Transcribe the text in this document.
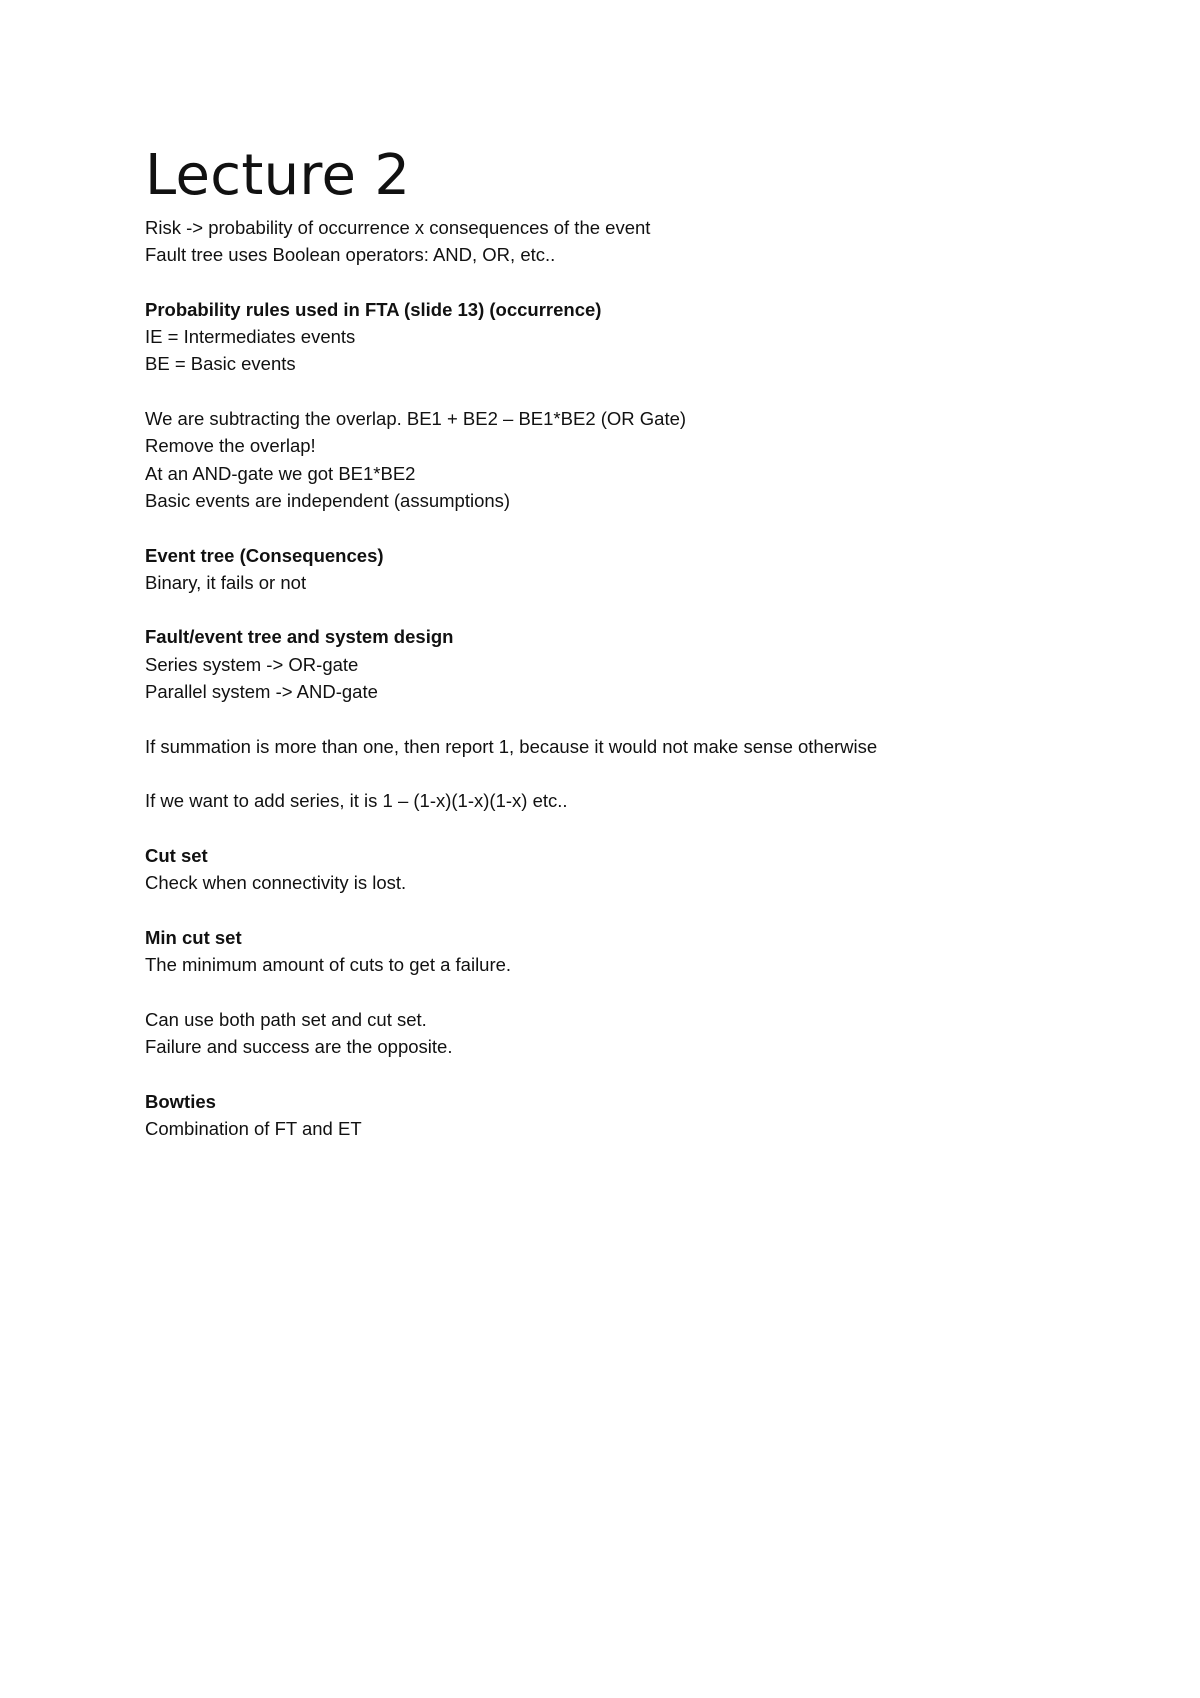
Lecture 2
Risk -> probability of occurrence x consequences of the event
Fault tree uses Boolean operators: AND, OR, etc..
Probability rules used in FTA (slide 13) (occurrence)
IE = Intermediates events
BE = Basic events
We are subtracting the overlap. BE1 + BE2 – BE1*BE2 (OR Gate)
Remove the overlap!
At an AND-gate we got BE1*BE2
Basic events are independent (assumptions)
Event tree (Consequences)
Binary, it fails or not
Fault/event tree and system design
Series system -> OR-gate
Parallel system -> AND-gate
If summation is more than one, then report 1, because it would not make sense otherwise
If we want to add series, it is 1 – (1-x)(1-x)(1-x) etc..
Cut set
Check when connectivity is lost.
Min cut set
The minimum amount of cuts to get a failure.
Can use both path set and cut set.
Failure and success are the opposite.
Bowties
Combination of FT and ET
